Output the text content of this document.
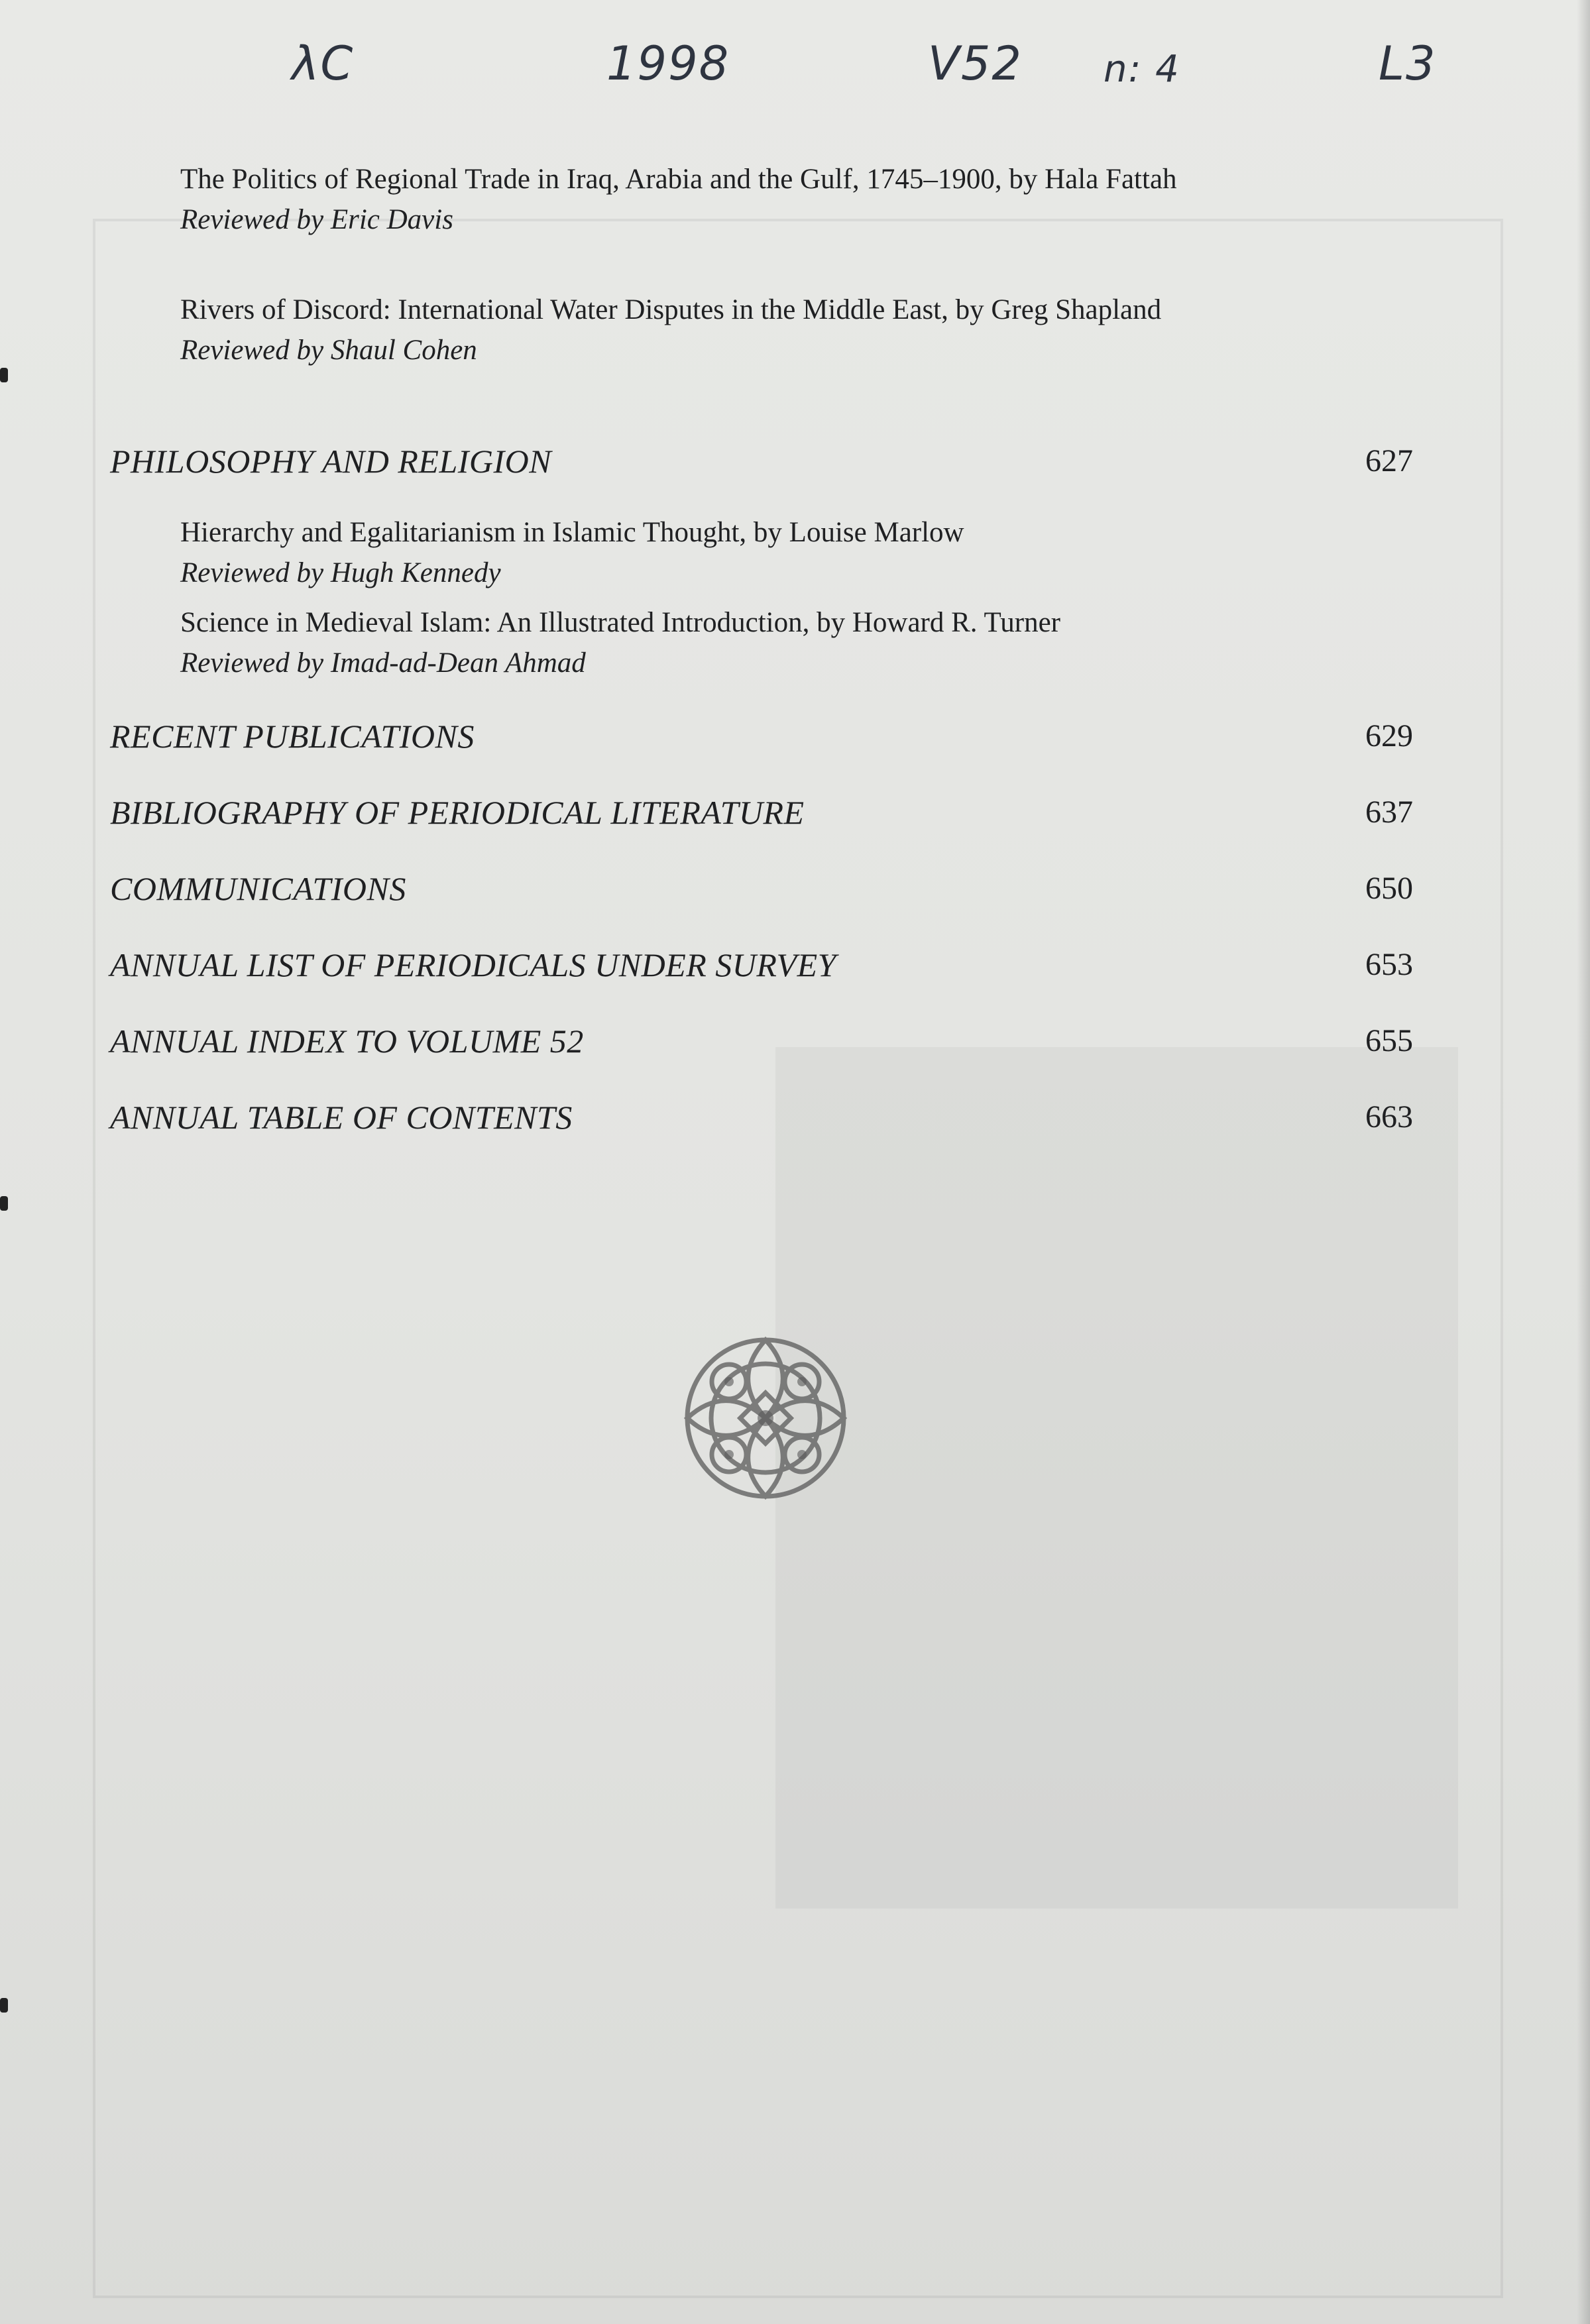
λC	1998	V52 n: 4	L3
The Politics of Regional Trade in Iraq, Arabia and the Gulf, 1745–1900, by Hala Fattah
Reviewed by Eric Davis
Rivers of Discord: International Water Disputes in the Middle East, by Greg Shapland
Reviewed by Shaul Cohen
PHILOSOPHY AND RELIGION	627
Hierarchy and Egalitarianism in Islamic Thought, by Louise Marlow
Reviewed by Hugh Kennedy
Science in Medieval Islam: An Illustrated Introduction, by Howard R. Turner
Reviewed by Imad-ad-Dean Ahmad
RECENT PUBLICATIONS	629
BIBLIOGRAPHY OF PERIODICAL LITERATURE	637
COMMUNICATIONS	650
ANNUAL LIST OF PERIODICALS UNDER SURVEY	653
ANNUAL INDEX TO VOLUME 52	655
ANNUAL TABLE OF CONTENTS	663
